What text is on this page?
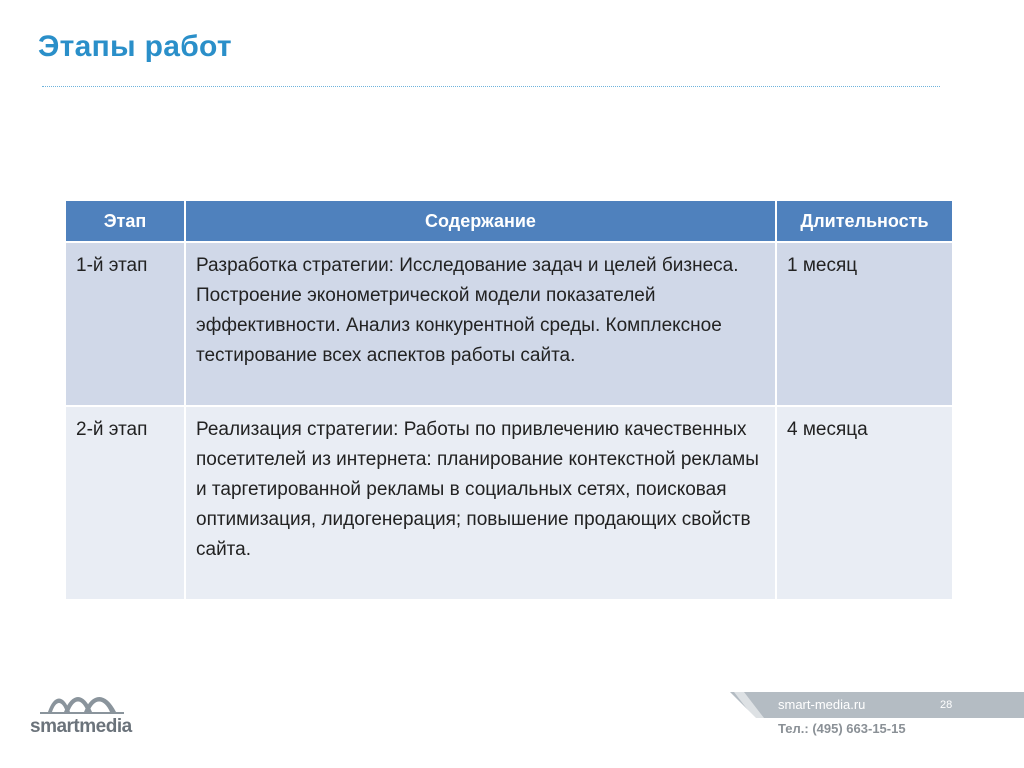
Этапы работ
Этап	Содержание	Длительность
1-й этап	Разработка стратегии: Исследование задач и целей бизнеса. Построение эконометрической модели показателей эффективности. Анализ конкурентной среды. Комплексное тестирование всех аспектов работы сайта.	1 месяц
2-й этап	Реализация стратегии: Работы по привлечению качественных посетителей из интернета: планирование контекстной рекламы и таргетированной рекламы в социальных сетях, поисковая оптимизация, лидогенерация; повышение продающих свойств сайта.	4 месяца
smartmedia
smart-media.ru	28
Тел.: (495) 663-15-15
